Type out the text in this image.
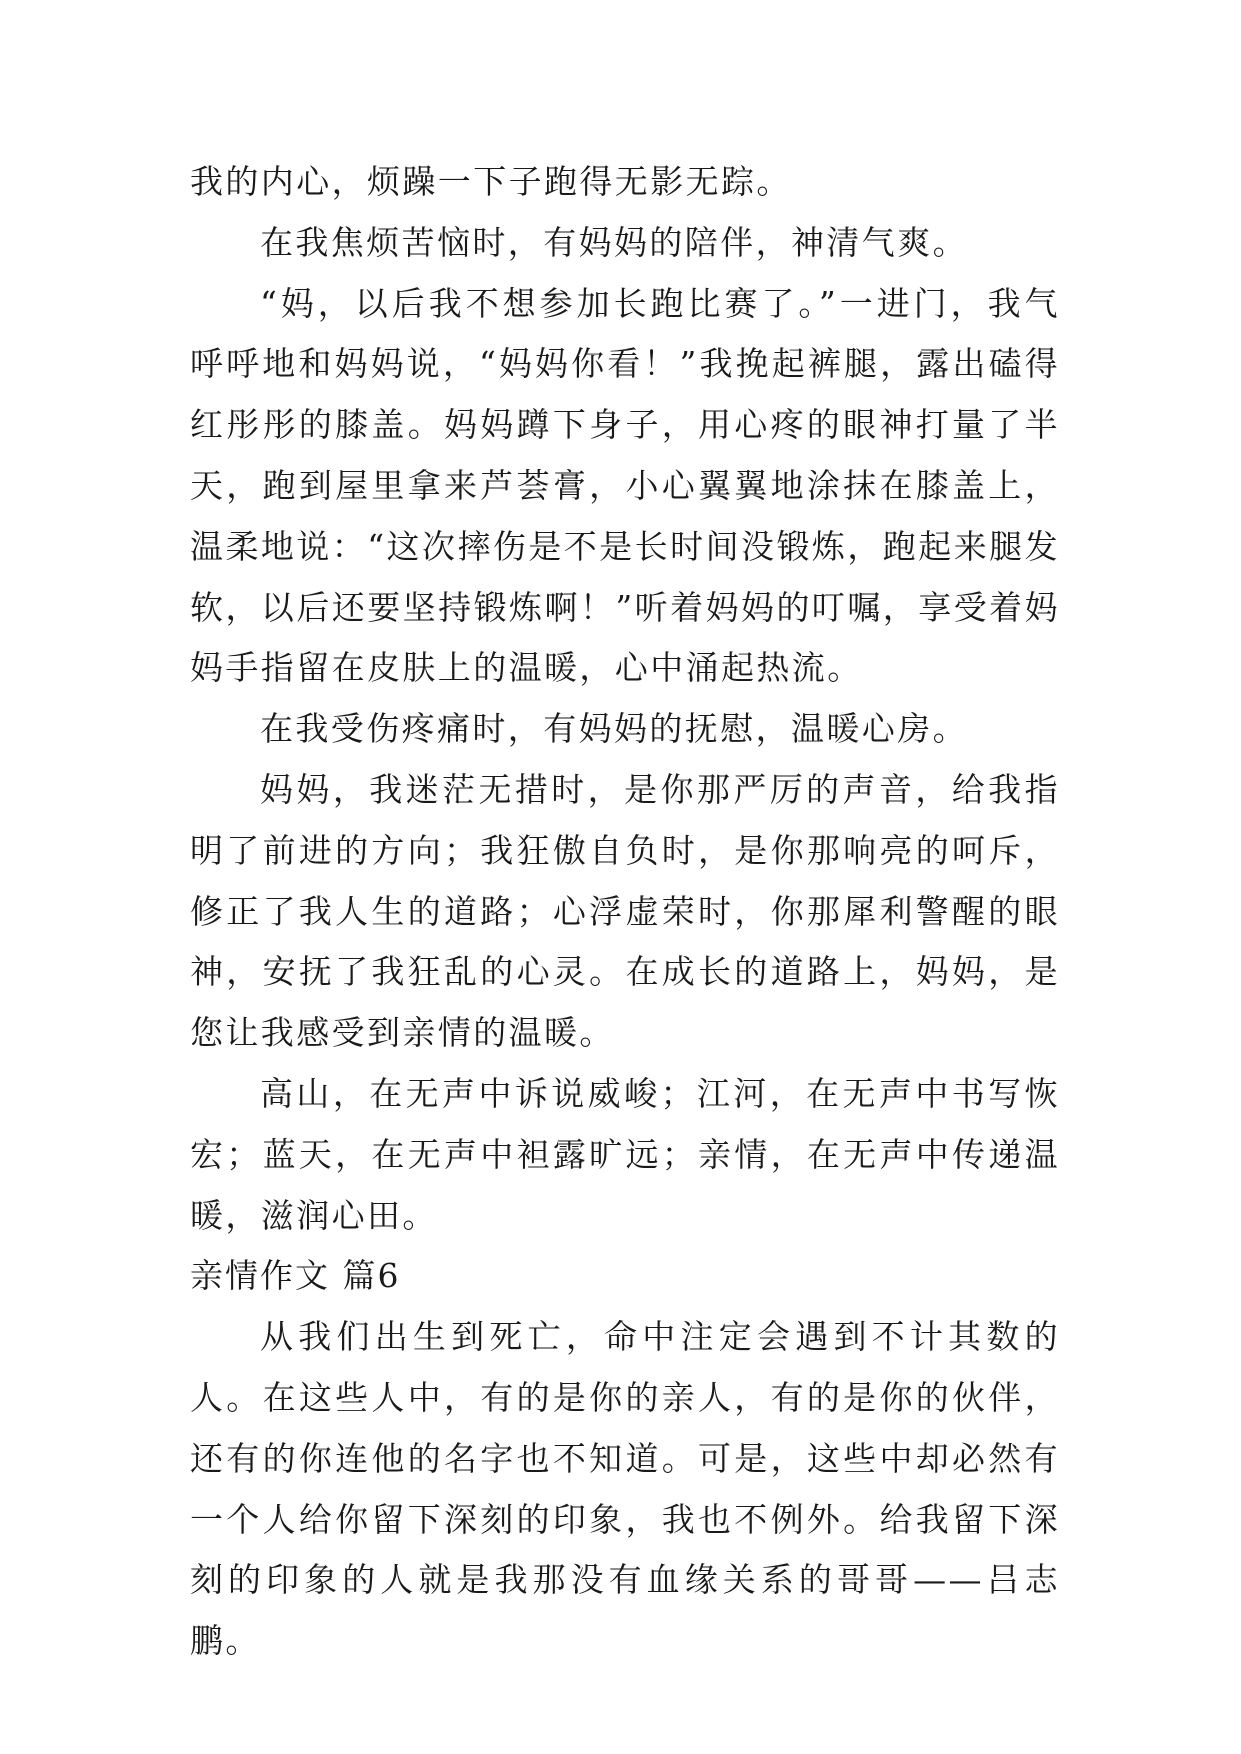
我的内心，烦躁一下子跑得无影无踪。

在我焦烦苦恼时，有妈妈的陪伴，神清气爽。

“妈，以后我不想参加长跑比赛了。”一进门，我气呼呼地和妈妈说，“妈妈你看！”我挽起裤腿，露出磕得红彤彤的膝盖。妈妈蹲下身子，用心疼的眼神打量了半天，跑到屋里拿来芦荟膏，小心翼翼地涂抹在膝盖上，温柔地说：“这次摔伤是不是长时间没锻炼，跑起来腿发软，以后还要坚持锻炼啊！”听着妈妈的叮嘱，享受着妈妈手指留在皮肤上的温暖，心中涌起热流。

在我受伤疼痛时，有妈妈的抚慰，温暖心房。

妈妈，我迷茫无措时，是你那严厉的声音，给我指明了前进的方向；我狂傲自负时，是你那响亮的呵斥，修正了我人生的道路；心浮虚荣时，你那犀利警醒的眼神，安抚了我狂乱的心灵。在成长的道路上，妈妈，是您让我感受到亲情的温暖。

高山，在无声中诉说威峻；江河，在无声中书写恢宏；蓝天，在无声中袒露旷远；亲情，在无声中传递温暖，滋润心田。

亲情作文 篇6

从我们出生到死亡，命中注定会遇到不计其数的人。在这些人中，有的是你的亲人，有的是你的伙伴，还有的你连他的名字也不知道。可是，这些中却必然有一个人给你留下深刻的印象，我也不例外。给我留下深刻的印象的人就是我那没有血缘关系的哥哥——吕志鹏。
